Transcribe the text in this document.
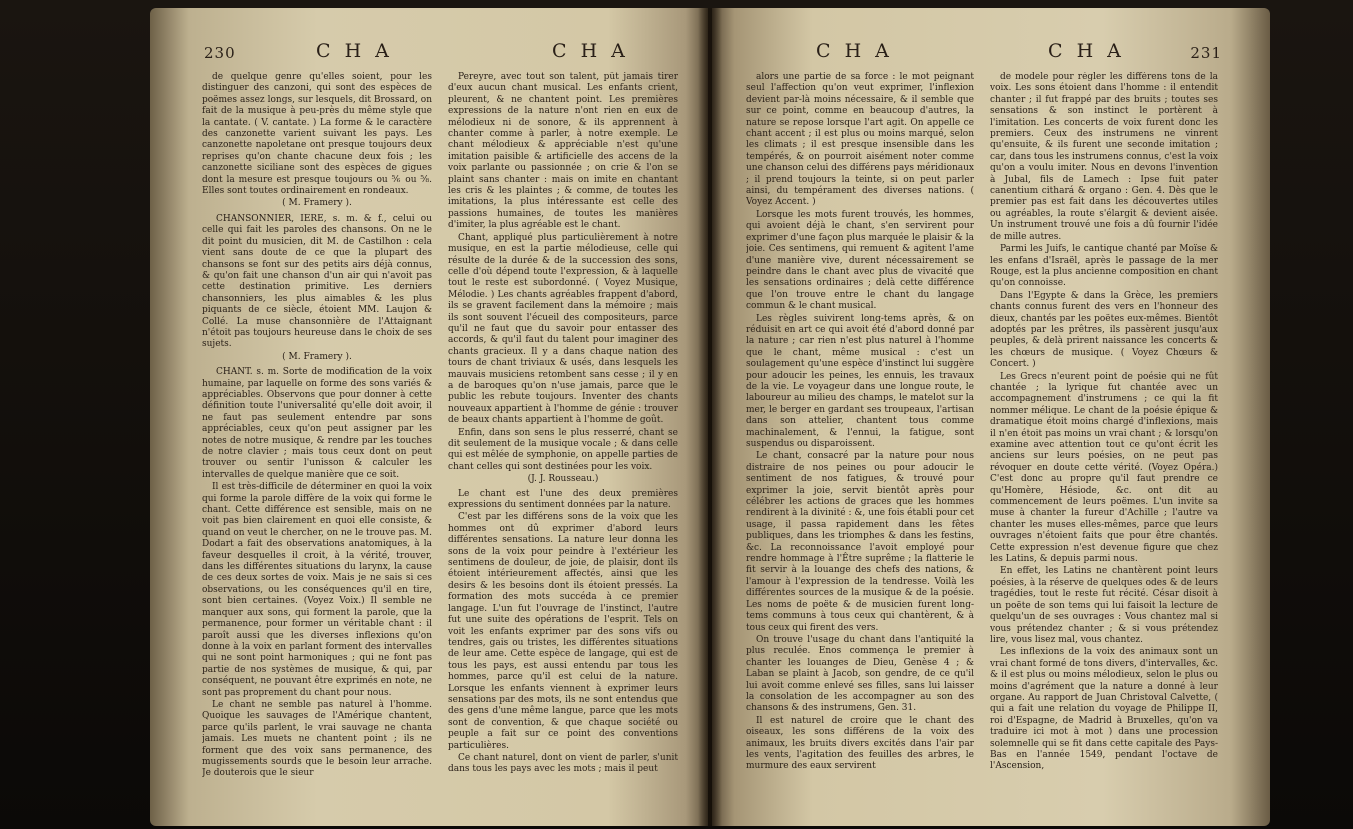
230	C H A	C H A

de quelque genre qu'elles soient, pour les distinguer des canzoni, qui sont des espèces de poëmes assez longs, sur lesquels, dit Brossard, on fait de la musique à peu-près du même style que la cantate. ( V. cantate. ) La forme & le caractère des canzonette varient suivant les pays. Les canzonette napoletane ont presque toujours deux reprises qu'on chante chacune deux fois ; les canzonette siciliane sont des espèces de gigues dont la mesure est presque toujours ou ⅚ ou ⅝. Elles sont toutes ordinairement en rondeaux.

( M. Framery ).

CHANSONNIER, IERE, s. m. & f., celui ou celle qui fait les paroles des chansons. On ne le dit point du musicien, dit M. de Castilhon : cela vient sans doute de ce que la plupart des chansons se font sur des petits airs déjà connus, & qu'on fait une chanson d'un air qui n'avoit pas cette destination primitive. Les derniers chansonniers, les plus aimables & les plus piquants de ce siècle, étoient MM. Laujon & Collé. La muse chansonnière de l'Attaignant n'étoit pas toujours heureuse dans le choix de ses sujets.

( M. Framery ).

CHANT. s. m. Sorte de modification de la voix humaine, par laquelle on forme des sons variés & appréciables. Observons que pour donner à cette définition toute l'universalité qu'elle doit avoir, il ne faut pas seulement entendre par sons appréciables, ceux qu'on peut assigner par les notes de notre musique, & rendre par les touches de notre clavier ; mais tous ceux dont on peut trouver ou sentir l'unisson & calculer les intervalles de quelque manière que ce soit.

Il est très-difficile de déterminer en quoi la voix qui forme la parole diffère de la voix qui forme le chant. Cette différence est sensible, mais on ne voit pas bien clairement en quoi elle consiste, & quand on veut le chercher, on ne le trouve pas. M. Dodart a fait des observations anatomiques, à la faveur desquelles il croit, à la vérité, trouver, dans les différentes situations du larynx, la cause de ces deux sortes de voix. Mais je ne sais si ces observations, ou les conséquences qu'il en tire, sont bien certaines. (Voyez Voix.) Il semble ne manquer aux sons, qui forment la parole, que la permanence, pour former un véritable chant : il paroît aussi que les diverses inflexions qu'on donne à la voix en parlant forment des intervalles qui ne sont point harmoniques ; qui ne font pas partie de nos systèmes de musique, & qui, par conséquent, ne pouvant être exprimés en note, ne sont pas proprement du chant pour nous.

Le chant ne semble pas naturel à l'homme. Quoique les sauvages de l'Amérique chantent, parce qu'ils parlent, le vrai sauvage ne chanta jamais. Les muets ne chantent point ; ils ne forment que des voix sans permanence, des mugissements sourds que le besoin leur arrache. Je douterois que le sieur

Pereyre, avec tout son talent, pût jamais tirer d'eux aucun chant musical. Les enfants crient, pleurent, & ne chantent point. Les premières expressions de la nature n'ont rien en eux de mélodieux ni de sonore, & ils apprennent à chanter comme à parler, à notre exemple. Le chant mélodieux & appréciable n'est qu'une imitation paisible & artificielle des accens de la voix parlante ou passionnée ; on crie & l'on se plaint sans chanter : mais on imite en chantant les cris & les plaintes ; & comme, de toutes les imitations, la plus intéressante est celle des passions humaines, de toutes les manières d'imiter, la plus agréable est le chant.

Chant, appliqué plus particulièrement à notre musique, en est la partie mélodieuse, celle qui résulte de la durée & de la succession des sons, celle d'où dépend toute l'expression, & à laquelle tout le reste est subordonné. ( Voyez Musique, Mélodie. ) Les chants agréables frappent d'abord, ils se gravent facilement dans la mémoire ; mais ils sont souvent l'écueil des compositeurs, parce qu'il ne faut que du savoir pour entasser des accords, & qu'il faut du talent pour imaginer des chants gracieux. Il y a dans chaque nation des tours de chant triviaux & usés, dans lesquels les mauvais musiciens retombent sans cesse ; il y en a de baroques qu'on n'use jamais, parce que le public les rebute toujours. Inventer des chants nouveaux appartient à l'homme de génie : trouver de beaux chants appartient à l'homme de goût.

Enfin, dans son sens le plus resserré, chant se dit seulement de la musique vocale ; & dans celle qui est mêlée de symphonie, on appelle parties de chant celles qui sont destinées pour les voix.

(J. J. Rousseau.)

Le chant est l'une des deux premières expressions du sentiment données par la nature.

C'est par les différens sons de la voix que les hommes ont dû exprimer d'abord leurs différentes sensations. La nature leur donna les sons de la voix pour peindre à l'extérieur les sentimens de douleur, de joie, de plaisir, dont ils étoient intérieurement affectés, ainsi que les desirs & les besoins dont ils étoient pressés. La formation des mots succéda à ce premier langage. L'un fut l'ouvrage de l'instinct, l'autre fut une suite des opérations de l'esprit. Tels on voit les enfants exprimer par des sons vifs ou tendres, gais ou tristes, les différentes situations de leur ame. Cette espèce de langage, qui est de tous les pays, est aussi entendu par tous les hommes, parce qu'il est celui de la nature. Lorsque les enfants viennent à exprimer leurs sensations par des mots, ils ne sont entendus que des gens d'une même langue, parce que les mots sont de convention, & que chaque société ou peuple a fait sur ce point des conventions particulières.

Ce chant naturel, dont on vient de parler, s'unit dans tous les pays avec les mots ; mais il peut

C H A	C H A	231

alors une partie de sa force : le mot peignant seul l'affection qu'on veut exprimer, l'inflexion devient par-là moins nécessaire, & il semble que sur ce point, comme en beaucoup d'autres, la nature se repose lorsque l'art agit. On appelle ce chant accent ; il est plus ou moins marqué, selon les climats ; il est presque insensible dans les tempérés, & on pourroit aisément noter comme une chanson celui des différens pays méridionaux ; il prend toujours la teinte, si on peut parler ainsi, du tempérament des diverses nations. ( Voyez Accent. )

Lorsque les mots furent trouvés, les hommes, qui avoient déjà le chant, s'en servirent pour exprimer d'une façon plus marquée le plaisir & la joie. Ces sentimens, qui remuent & agitent l'ame d'une manière vive, durent nécessairement se peindre dans le chant avec plus de vivacité que les sensations ordinaires ; delà cette différence que l'on trouve entre le chant du langage commun & le chant musical.

Les règles suivirent long-tems après, & on réduisit en art ce qui avoit été d'abord donné par la nature ; car rien n'est plus naturel à l'homme que le chant, même musical : c'est un soulagement qu'une espèce d'instinct lui suggère pour adoucir les peines, les ennuis, les travaux de la vie. Le voyageur dans une longue route, le laboureur au milieu des champs, le matelot sur la mer, le berger en gardant ses troupeaux, l'artisan dans son attelier, chantent tous comme machinalement, & l'ennui, la fatigue, sont suspendus ou disparoissent.

Le chant, consacré par la nature pour nous distraire de nos peines ou pour adoucir le sentiment de nos fatigues, & trouvé pour exprimer la joie, servit bientôt après pour célébrer les actions de graces que les hommes rendirent à la divinité : &, une fois établi pour cet usage, il passa rapidement dans les fêtes publiques, dans les triomphes & dans les festins, &c. La reconnoissance l'avoit employé pour rendre hommage à l'Être suprême ; la flatterie le fit servir à la louange des chefs des nations, & l'amour à l'expression de la tendresse. Voilà les différentes sources de la musique & de la poésie. Les noms de poëte & de musicien furent long-tems communs à tous ceux qui chantèrent, & à tous ceux qui firent des vers.

On trouve l'usage du chant dans l'antiquité la plus reculée. Enos commença le premier à chanter les louanges de Dieu, Genèse 4 ; & Laban se plaint à Jacob, son gendre, de ce qu'il lui avoit comme enlevé ses filles, sans lui laisser la consolation de les accompagner au son des chansons & des instrumens, Gen. 31.

Il est naturel de croire que le chant des oiseaux, les sons différens de la voix des animaux, les bruits divers excités dans l'air par les vents, l'agitation des feuilles des arbres, le murmure des eaux servirent

de modele pour régler les différens tons de la voix. Les sons étoient dans l'homme : il entendit chanter ; il fut frappé par des bruits ; toutes ses sensations & son instinct le portèrent à l'imitation. Les concerts de voix furent donc les premiers. Ceux des instrumens ne vinrent qu'ensuite, & ils furent une seconde imitation ; car, dans tous les instrumens connus, c'est la voix qu'on a voulu imiter. Nous en devons l'invention à Jubal, fils de Lamech : Ipse fuit pater canentium cithará & organo : Gen. 4. Dès que le premier pas est fait dans les découvertes utiles ou agréables, la route s'élargit & devient aisée. Un instrument trouvé une fois a dû fournir l'idée de mille autres.

Parmi les Juifs, le cantique chanté par Moïse & les enfans d'Israël, après le passage de la mer Rouge, est la plus ancienne composition en chant qu'on connoisse.

Dans l'Egypte & dans la Grèce, les premiers chants connus furent des vers en l'honneur des dieux, chantés par les poëtes eux-mêmes. Bientôt adoptés par les prêtres, ils passèrent jusqu'aux peuples, & delà prirent naissance les concerts & les chœurs de musique. ( Voyez Chœurs & Concert. )

Les Grecs n'eurent point de poésie qui ne fût chantée ; la lyrique fut chantée avec un accompagnement d'instrumens ; ce qui la fit nommer mélique. Le chant de la poésie épique & dramatique étoit moins chargé d'inflexions, mais il n'en étoit pas moins un vrai chant ; & lorsqu'on examine avec attention tout ce qu'ont écrit les anciens sur leurs poésies, on ne peut pas révoquer en doute cette vérité. (Voyez Opéra.) C'est donc au propre qu'il faut prendre ce qu'Homère, Hésiode, &c. ont dit au commencement de leurs poëmes. L'un invite sa muse à chanter la fureur d'Achille ; l'autre va chanter les muses elles-mêmes, parce que leurs ouvrages n'étoient faits que pour être chantés. Cette expression n'est devenue figure que chez les Latins, & depuis parmi nous.

En effet, les Latins ne chantèrent point leurs poésies, à la réserve de quelques odes & de leurs tragédies, tout le reste fut récité. César disoit à un poëte de son tems qui lui faisoit la lecture de quelqu'un de ses ouvrages : Vous chantez mal si vous prétendez chanter ; & si vous prétendez lire, vous lisez mal, vous chantez.

Les inflexions de la voix des animaux sont un vrai chant formé de tons divers, d'intervalles, &c. & il est plus ou moins mélodieux, selon le plus ou moins d'agrément que la nature a donné à leur organe. Au rapport de Juan Christoval Calvette, ( qui a fait une relation du voyage de Philippe II, roi d'Espagne, de Madrid à Bruxelles, qu'on va traduire ici mot à mot ) dans une procession solemnelle qui se fit dans cette capitale des Pays-Bas en l'année 1549, pendant l'octave de l'Ascension,
